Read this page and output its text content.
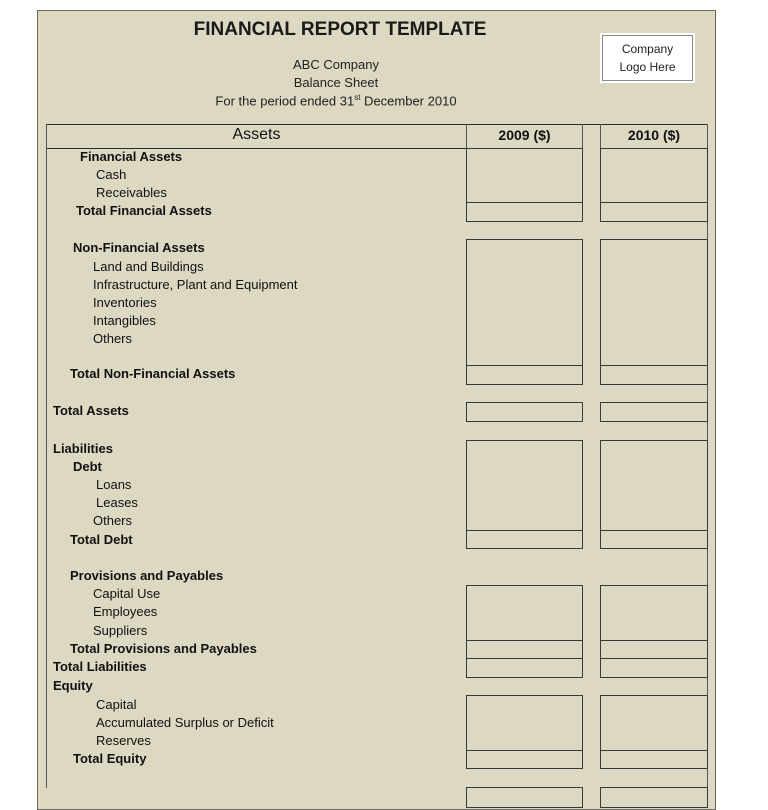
FINANCIAL REPORT TEMPLATE
ABC Company
Balance Sheet
For the period ended 31st December 2010
Company
Logo Here
Assets	2009 ($)	2010 ($)
Financial Assets
Cash
Receivables
Total Financial Assets
Non-Financial Assets
Land and Buildings
Infrastructure, Plant and Equipment
Inventories
Intangibles
Others
Total Non-Financial Assets
Total Assets
Liabilities
Debt
Loans
Leases
Others
Total Debt
Provisions and Payables
Capital Use
Employees
Suppliers
Total Provisions and Payables
Total Liabilities
Equity
Capital
Accumulated Surplus or Deficit
Reserves
Total Equity
